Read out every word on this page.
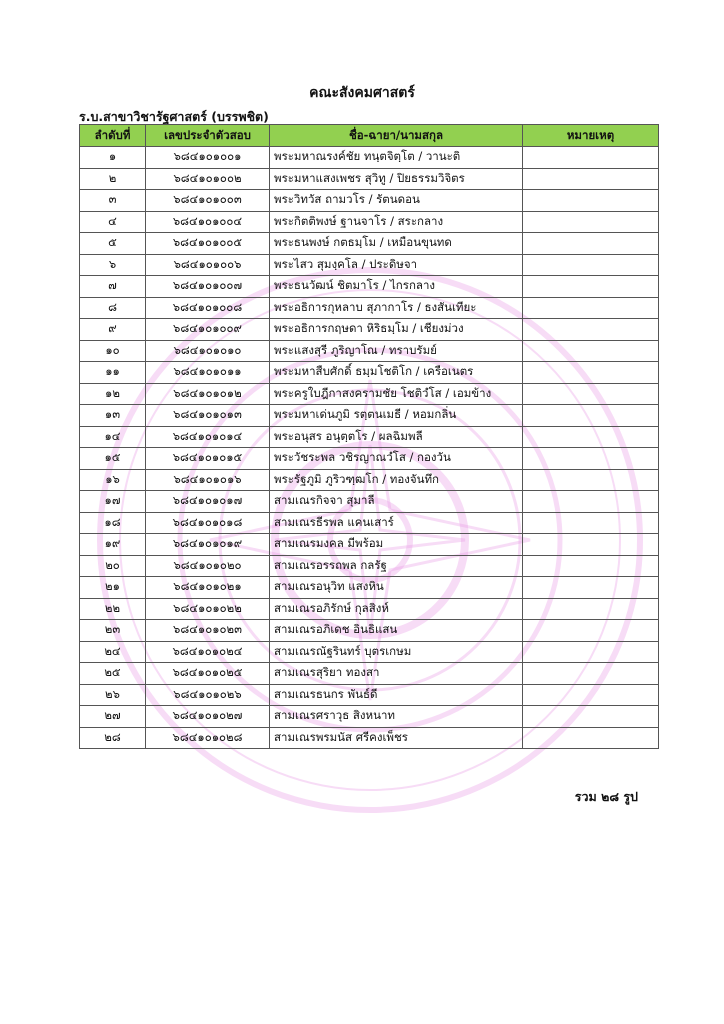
คณะสังคมศาสตร์
ร.บ.สาขาวิชารัฐศาสตร์ (บรรพชิต)
ลำดับที่	เลขประจำตัวสอบ	ชื่อ-ฉายา/นามสกุล	หมายเหตุ
๑	๖๘๔๑๐๑๐๐๑	พระมหาณรงค์ชัย ทนฺตจิตฺโต / วานะติ	
๒	๖๘๔๑๐๑๐๐๒	พระมหาแสงเพชร สุวิทู / ปิยธรรมวิจิตร	
๓	๖๘๔๑๐๑๐๐๓	พระวิทวัส ถามวโร / รัตนดอน	
๔	๖๘๔๑๐๑๐๐๔	พระกิตติพงษ์ ฐานจาโร / สระกลาง	
๕	๖๘๔๑๐๑๐๐๕	พระธนพงษ์ กตธมฺโม / เหมือนขุนทด	
๖	๖๘๔๑๐๑๐๐๖	พระไสว สุมงฺคโล / ประดิษจา	
๗	๖๘๔๑๐๑๐๐๗	พระธนวัฒน์ ชิตมาโร / ไกรกลาง	
๘	๖๘๔๑๐๑๐๐๘	พระอธิการกุหลาบ สุภากาโร / ธงสันเทียะ	
๙	๖๘๔๑๐๑๐๐๙	พระอธิการกฤษดา หิริธมฺโม / เชียงม่วง	
๑๐	๖๘๔๑๐๑๐๑๐	พระแสงสุรี ภูริญาโณ / ทราบรัมย์	
๑๑	๖๘๔๑๐๑๐๑๑	พระมหาสืบศักดิ์ ธมฺมโชติโก / เครือเนตร	
๑๒	๖๘๔๑๐๑๐๑๒	พระครูใบฎีกาสงครามชัย โชติวํโส / เอมข้าง	
๑๓	๖๘๔๑๐๑๐๑๓	พระมหาเด่นภูมิ รตฺตนเมธี / หอมกลิ่น	
๑๔	๖๘๔๑๐๑๐๑๔	พระอนุสร อนุตฺตโร / ผลฉิมพลี	
๑๕	๖๘๔๑๐๑๐๑๕	พระวัชระพล วชิรญาณวํโส / กองวัน	
๑๖	๖๘๔๑๐๑๐๑๖	พระรัฐภูมิ ภูริวฑฺฒโก / ทองจันทึก	
๑๗	๖๘๔๑๐๑๐๑๗	สามเณรกิจจา สุมาลี	
๑๘	๖๘๔๑๐๑๐๑๘	สามเณรธีรพล แคนเสาร์	
๑๙	๖๘๔๑๐๑๐๑๙	สามเณรมงคล มีพร้อม	
๒๐	๖๘๔๑๐๑๐๒๐	สามเณรอรรถพล กลรัฐ	
๒๑	๖๘๔๑๐๑๐๒๑	สามเณรอนุวิท แสงหิน	
๒๒	๖๘๔๑๐๑๐๒๒	สามเณรอภิรักษ์ กุลสิงห์	
๒๓	๖๘๔๑๐๑๐๒๓	สามเณรอภิเดช อินธิแสน	
๒๔	๖๘๔๑๐๑๐๒๔	สามเณรณัฐรินทร์ บุตรเกษม	
๒๕	๖๘๔๑๐๑๐๒๕	สามเณรสุริยา ทองสา	
๒๖	๖๘๔๑๐๑๐๒๖	สามเณรธนกร พันธ์ดี	
๒๗	๖๘๔๑๐๑๐๒๗	สามเณรศราวุธ สิงหนาท	
๒๘	๖๘๔๑๐๑๐๒๘	สามเณรพรมนัส ศรีคงเพ็ชร	
รวม ๒๘ รูป
